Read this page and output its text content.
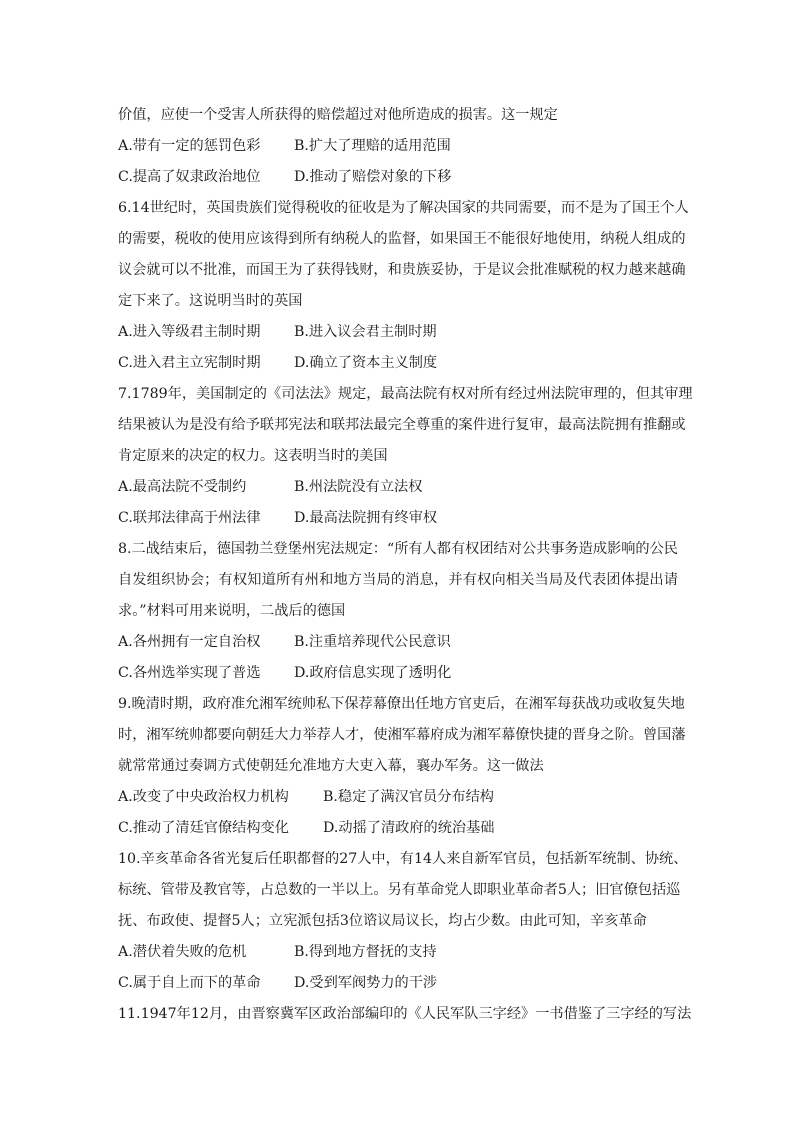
价值，应使一个受害人所获得的赔偿超过对他所造成的损害。这一规定
A.带有一定的惩罚色彩	B.扩大了理赔的适用范围
C.提高了奴隶政治地位	D.推动了赔偿对象的下移
6.14世纪时，英国贵族们觉得税收的征收是为了解决国家的共同需要，而不是为了国王个人
的需要，税收的使用应该得到所有纳税人的监督，如果国王不能很好地使用，纳税人组成的
议会就可以不批准，而国王为了获得钱财，和贵族妥协，于是议会批准赋税的权力越来越确
定下来了。这说明当时的英国
A.进入等级君主制时期	B.进入议会君主制时期
C.进入君主立宪制时期	D.确立了资本主义制度
7.1789年，美国制定的《司法法》规定，最高法院有权对所有经过州法院审理的，但其审理
结果被认为是没有给予联邦宪法和联邦法最完全尊重的案件进行复审，最高法院拥有推翻或
肯定原来的决定的权力。这表明当时的美国
A.最高法院不受制约	B.州法院没有立法权
C.联邦法律高于州法律	D.最高法院拥有终审权
8.二战结束后，德国勃兰登堡州宪法规定：“所有人都有权团结对公共事务造成影响的公民
自发组织协会；有权知道所有州和地方当局的消息，并有权向相关当局及代表团体提出请
求。”材料可用来说明，二战后的德国
A.各州拥有一定自治权	B.注重培养现代公民意识
C.各州选举实现了普选	D.政府信息实现了透明化
9.晚清时期，政府准允湘军统帅私下保荐幕僚出任地方官吏后，在湘军每获战功或收复失地
时，湘军统帅都要向朝廷大力举荐人才，使湘军幕府成为湘军幕僚快捷的晋身之阶。曾国藩
就常常通过奏调方式使朝廷允准地方大吏入幕，襄办军务。这一做法
A.改变了中央政治权力机构	B.稳定了满汉官员分布结构
C.推动了清廷官僚结构变化	D.动摇了清政府的统治基础
10.辛亥革命各省光复后任职都督的27人中，有14人来自新军官员，包括新军统制、协统、
标统、管带及教官等，占总数的一半以上。另有革命党人即职业革命者5人；旧官僚包括巡
抚、布政使、提督5人；立宪派包括3位谘议局议长，均占少数。由此可知，辛亥革命
A.潜伏着失败的危机	B.得到地方督抚的支持
C.属于自上而下的革命	D.受到军阀势力的干涉
11.1947年12月，由晋察冀军区政治部编印的《人民军队三字经》一书借鉴了三字经的写法
